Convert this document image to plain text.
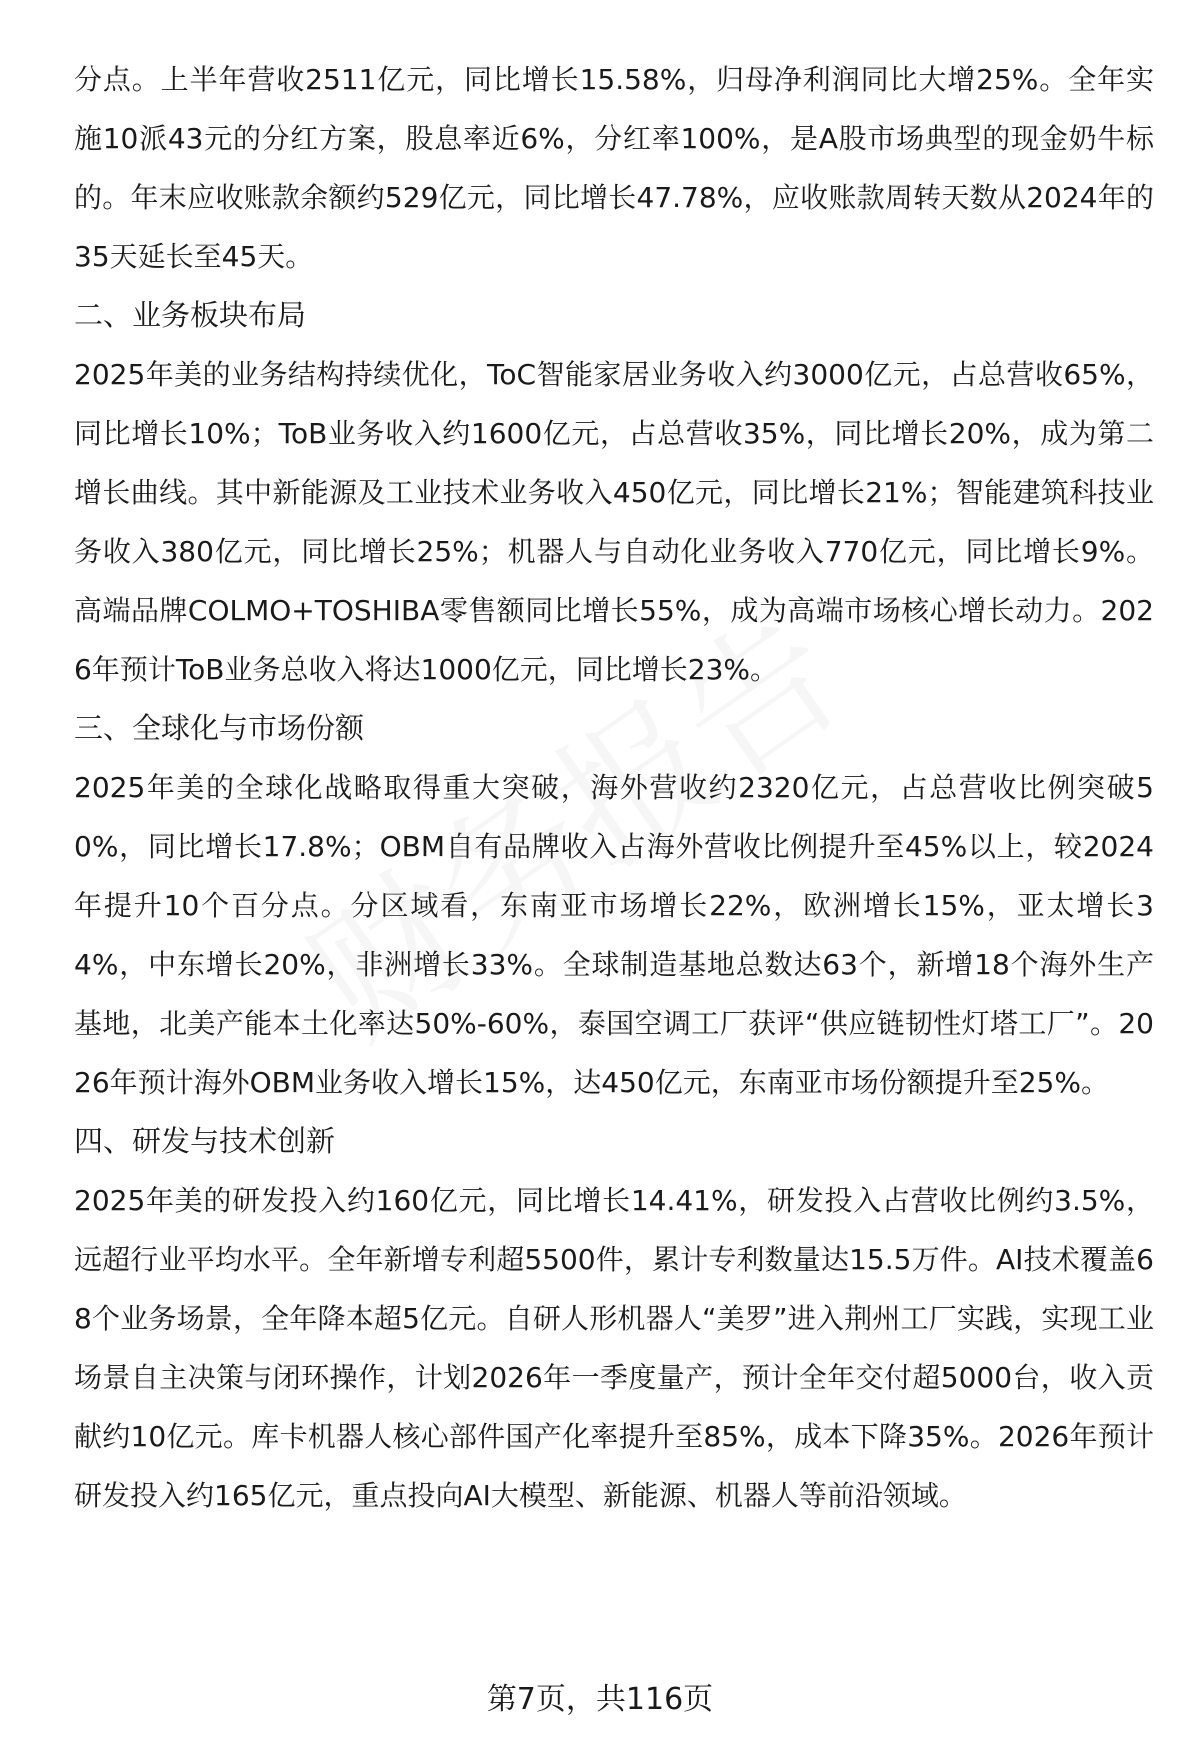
分点。上半年营收2511亿元，同比增长15.58%，归母净利润同比大增25%。全年实施10派43元的分红方案，股息率近6%，分红率100%，是A股市场典型的现金奶牛标的。年末应收账款余额约529亿元，同比增长47.78%，应收账款周转天数从2024年的35天延长至45天。

二、业务板块布局

2025年美的业务结构持续优化，ToC智能家居业务收入约3000亿元，占总营收65%，同比增长10%；ToB业务收入约1600亿元，占总营收35%，同比增长20%，成为第二增长曲线。其中新能源及工业技术业务收入450亿元，同比增长21%；智能建筑科技业务收入380亿元，同比增长25%；机器人与自动化业务收入770亿元，同比增长9%。高端品牌COLMO+TOSHIBA零售额同比增长55%，成为高端市场核心增长动力。2026年预计ToB业务总收入将达1000亿元，同比增长23%。

三、全球化与市场份额

2025年美的全球化战略取得重大突破，海外营收约2320亿元，占总营收比例突破50%，同比增长17.8%；OBM自有品牌收入占海外营收比例提升至45%以上，较2024年提升10个百分点。分区域看，东南亚市场增长22%，欧洲增长15%，亚太增长34%，中东增长20%，非洲增长33%。全球制造基地总数达63个，新增18个海外生产基地，北美产能本土化率达50%-60%，泰国空调工厂获评“供应链韧性灯塔工厂”。2026年预计海外OBM业务收入增长15%，达450亿元，东南亚市场份额提升至25%。

四、研发与技术创新

2025年美的研发投入约160亿元，同比增长14.41%，研发投入占营收比例约3.5%，远超行业平均水平。全年新增专利超5500件，累计专利数量达15.5万件。AI技术覆盖68个业务场景，全年降本超5亿元。自研人形机器人“美罗”进入荆州工厂实践，实现工业场景自主决策与闭环操作，计划2026年一季度量产，预计全年交付超5000台，收入贡献约10亿元。库卡机器人核心部件国产化率提升至85%，成本下降35%。2026年预计研发投入约165亿元，重点投向AI大模型、新能源、机器人等前沿领域。

第7页，共116页
